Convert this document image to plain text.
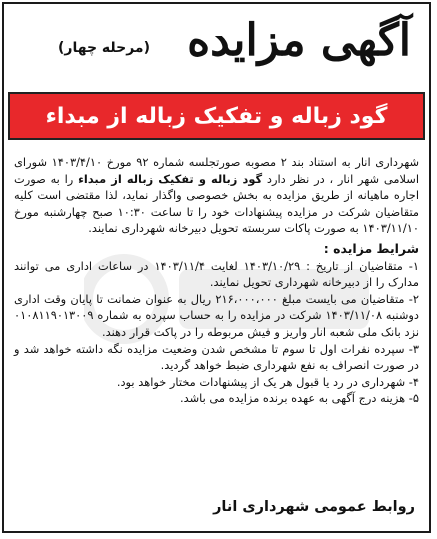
آگهی مزایده
(مرحله چهار)
گود زباله و تفکیک زباله از مبداء
شهرداری انار به استناد بند ۲ مصوبه صورتجلسه شماره ۹۲ مورخ ۱۴۰۳/۴/۱۰ شورای اسلامی شهر انار ، در نظر دارد گود زباله و تفکیک زباله از مبداء را به صورت اجاره ماهیانه از طریق مزایده به بخش خصوصی واگذار نماید، لذا مقتضی است کلیه متقاضیان شرکت در مزایده پیشنهادات خود را تا ساعت ۱۰:۳۰ صبح چهارشنبه مورخ ۱۴۰۳/۱۱/۱۰ به صورت پاکات سربسته تحویل دبیرخانه شهرداری نمایند.
شرایط مزایده :
۱- متقاضیان از تاریخ : ۱۴۰۳/۱۰/۲۹ لغایت ۱۴۰۳/۱۱/۴ در ساعات اداری می توانند مدارک را از دبیرخانه شهرداری تحویل نمایند.
۲- متقاضیان می بایست مبلغ ۲۱۶،۰۰۰،۰۰۰ ریال به عنوان ضمانت تا پایان وقت اداری دوشنبه ۱۴۰۳/۱۱/۰۸ شرکت در مزایده را به حساب سپرده به شماره ۰۱۰۸۱۱۹۰۱۳۰۰۹ نزد بانک ملی شعبه انار واریز و فیش مربوطه را در پاکت قرار دهند.
۳- سپرده نفرات اول تا سوم تا مشخص شدن وضعیت مزایده نگه داشته خواهد شد و در صورت انصراف به نفع شهرداری ضبط خواهد گردید.
۴- شهرداری در رد یا قبول هر یک از پیشنهادات مختار خواهد بود.
۵- هزینه درج آگهی به عهده برنده مزایده می باشد.
روابط عمومی شهرداری انار
